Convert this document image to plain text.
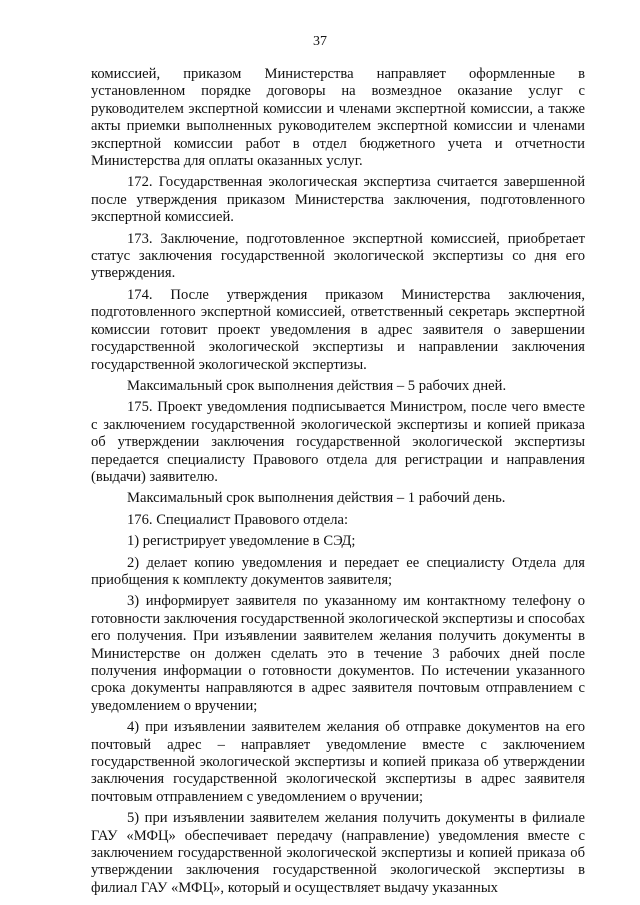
37

комиссией, приказом Министерства направляет оформленные в установленном порядке договоры на возмездное оказание услуг с руководителем экспертной комиссии и членами экспертной комиссии, а также акты приемки выполненных руководителем экспертной комиссии и членами экспертной комиссии работ в отдел бюджетного учета и отчетности Министерства для оплаты оказанных услуг.

172. Государственная экологическая экспертиза считается завершенной после утверждения приказом Министерства заключения, подготовленного экспертной комиссией.

173. Заключение, подготовленное экспертной комиссией, приобретает статус заключения государственной экологической экспертизы со дня его утверждения.

174. После утверждения приказом Министерства заключения, подготовленного экспертной комиссией, ответственный секретарь экспертной комиссии готовит проект уведомления в адрес заявителя о завершении государственной экологической экспертизы и направлении заключения государственной экологической экспертизы.

Максимальный срок выполнения действия – 5 рабочих дней.

175. Проект уведомления подписывается Министром, после чего вместе с заключением государственной экологической экспертизы и копией приказа об утверждении заключения государственной экологической экспертизы передается специалисту Правового отдела для регистрации и направления (выдачи) заявителю.

Максимальный срок выполнения действия – 1 рабочий день.

176. Специалист Правового отдела:

1) регистрирует уведомление в СЭД;

2) делает копию уведомления и передает ее специалисту Отдела для приобщения к комплекту документов заявителя;

3) информирует заявителя по указанному им контактному телефону о готовности заключения государственной экологической экспертизы и способах его получения. При изъявлении заявителем желания получить документы в Министерстве он должен сделать это в течение 3 рабочих дней после получения информации о готовности документов. По истечении указанного срока документы направляются в адрес заявителя почтовым отправлением с уведомлением о вручении;

4) при изъявлении заявителем желания об отправке документов на его почтовый адрес – направляет уведомление вместе с заключением государственной экологической экспертизы и копией приказа об утверждении заключения государственной экологической экспертизы в адрес заявителя почтовым отправлением с уведомлением о вручении;

5) при изъявлении заявителем желания получить документы в филиале ГАУ «МФЦ» обеспечивает передачу (направление) уведомления вместе с заключением государственной экологической экспертизы и копией приказа об утверждении заключения государственной экологической экспертизы в филиал ГАУ «МФЦ», который и осуществляет выдачу указанных
